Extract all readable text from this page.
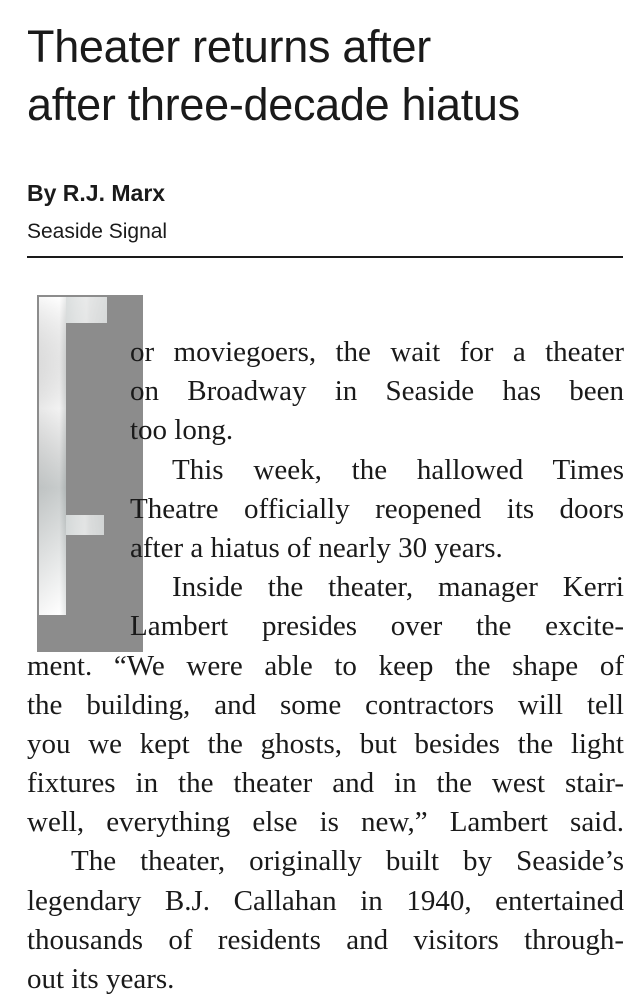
Theater returns after
after three-decade hiatus
By R.J. Marx
Seaside Signal
or moviegoers, the wait for a theater
on Broadway in Seaside has been
too long.
This week, the hallowed Times
Theatre officially reopened its doors
after a hiatus of nearly 30 years.
Inside the theater, manager Kerri
Lambert presides over the excite-
ment. “We were able to keep the shape of
the building, and some contractors will tell
you we kept the ghosts, but besides the light
fixtures in the theater and in the west stair-
well, everything else is new,” Lambert said.
The theater, originally built by Seaside’s
legendary B.J. Callahan in 1940, entertained
thousands of residents and visitors through-
out its years.
